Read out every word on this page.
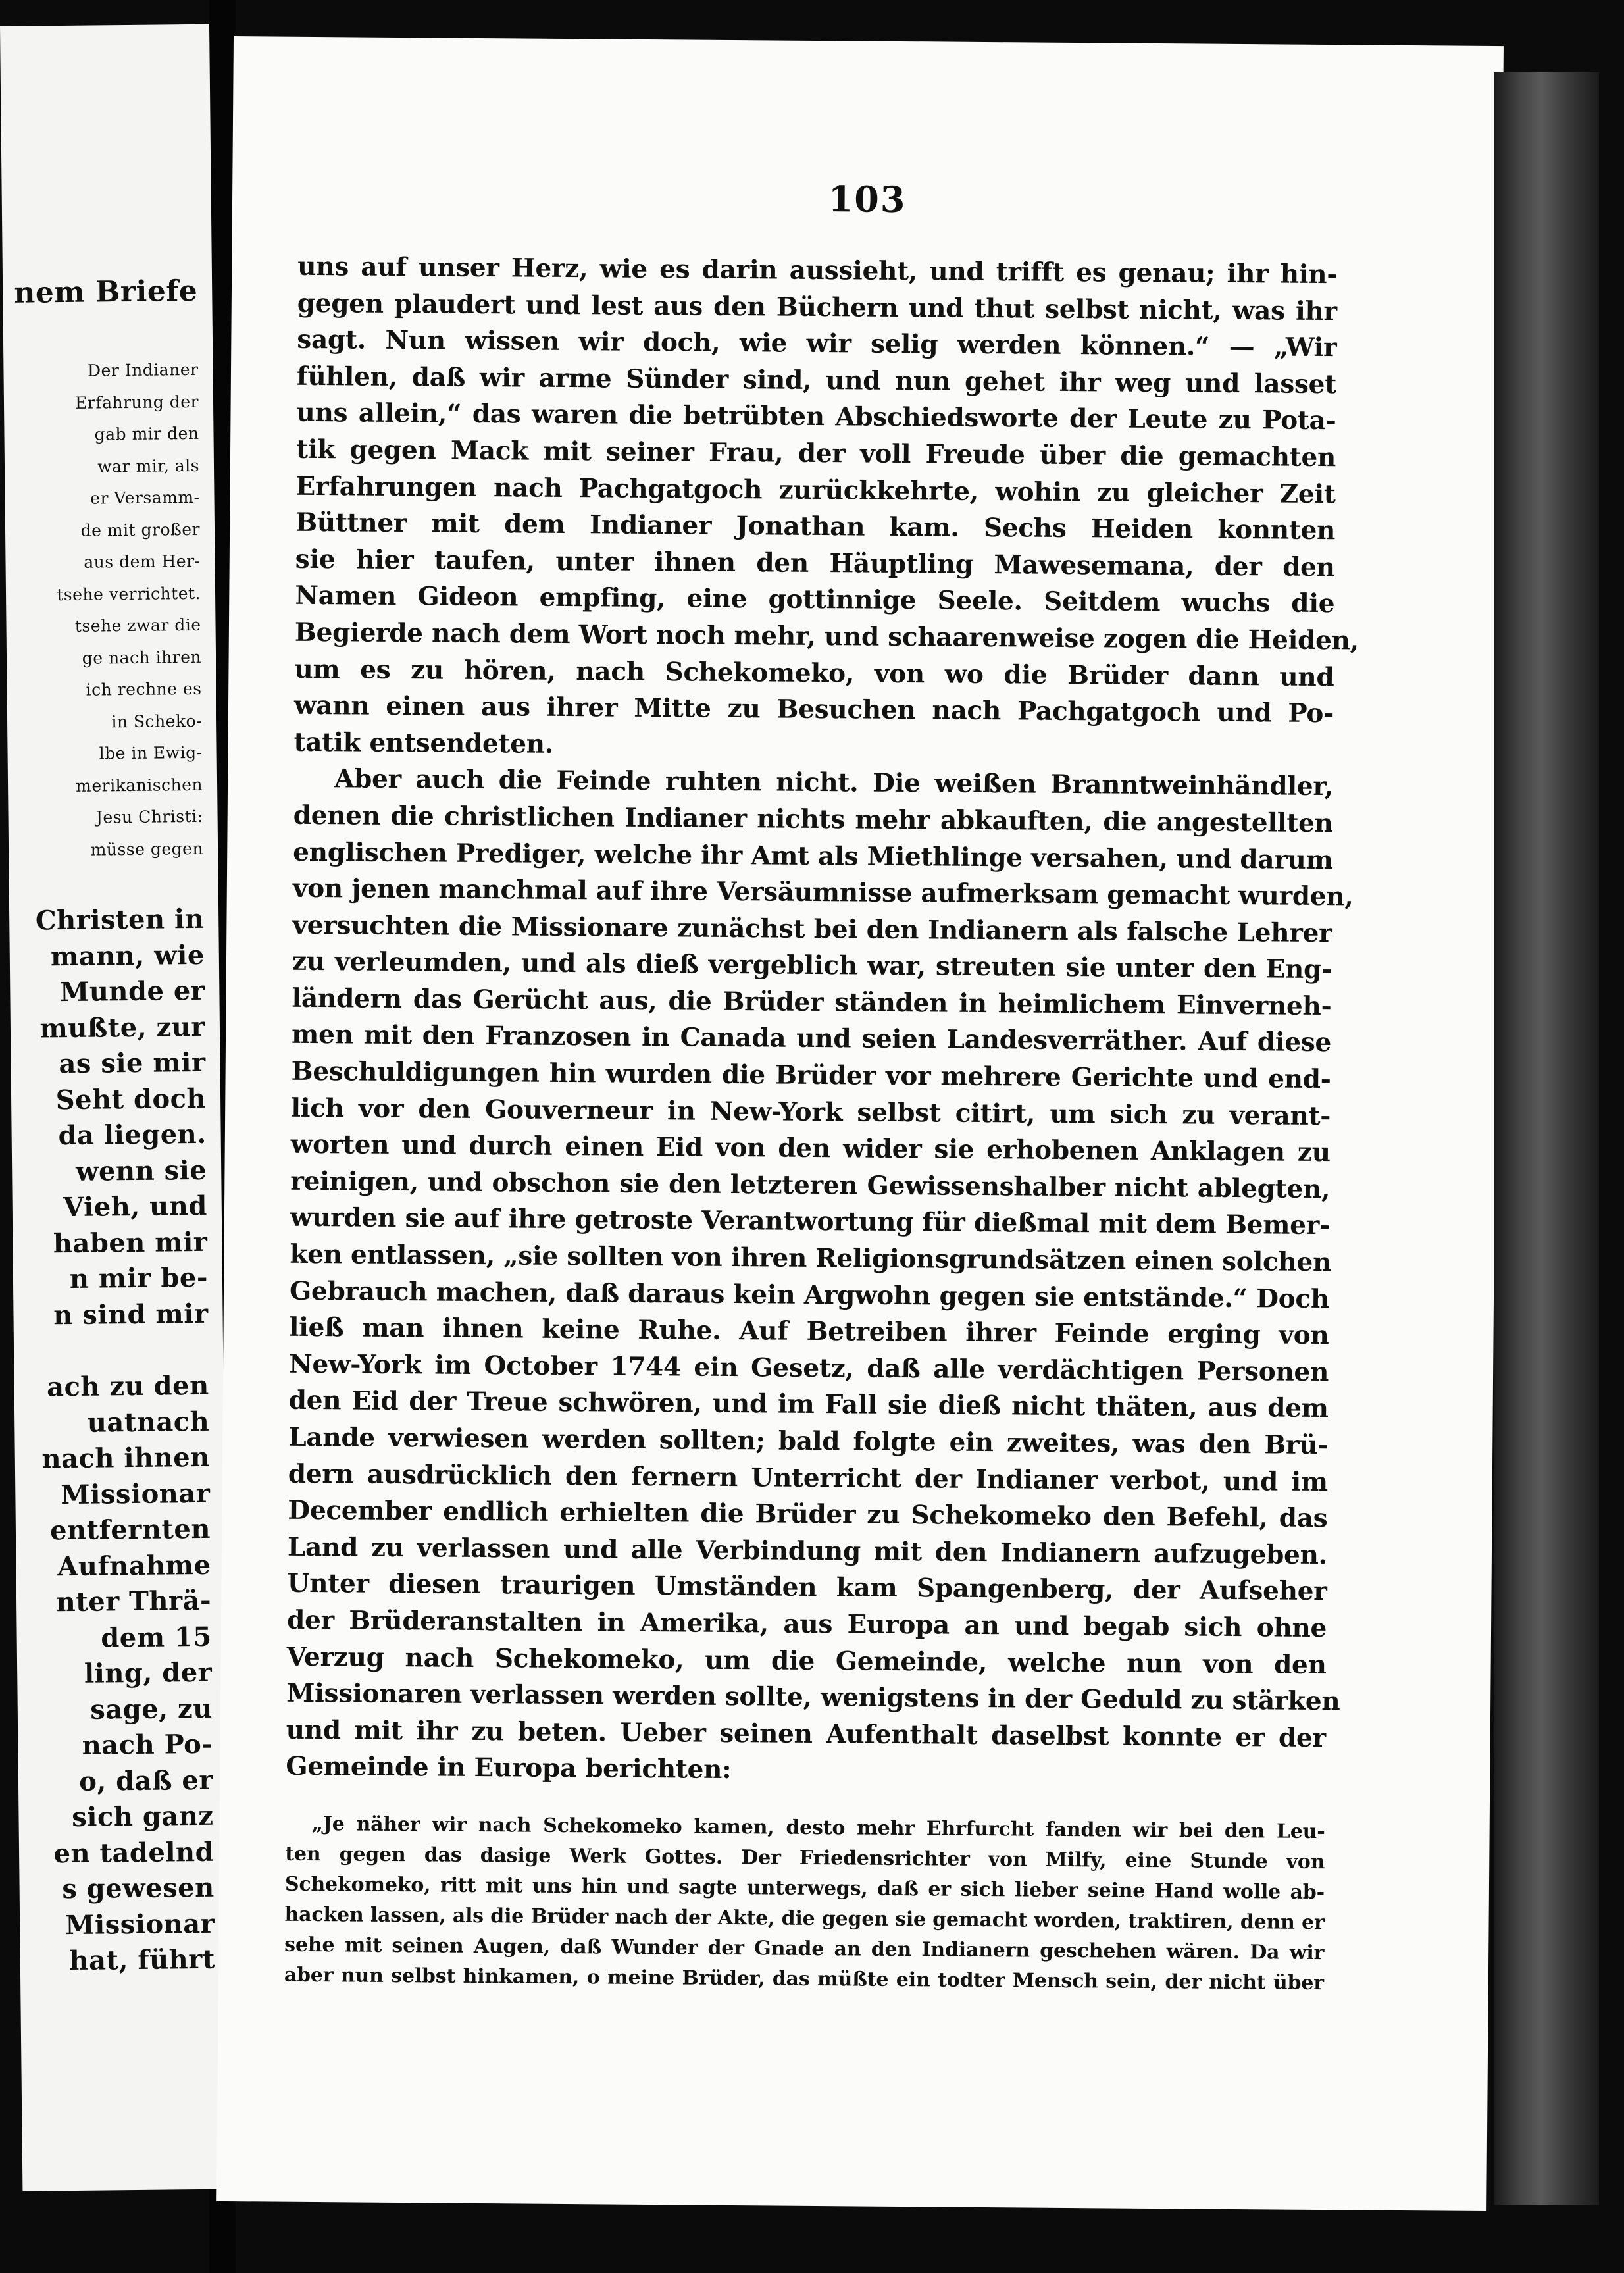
nem Briefe
Der Indianer
Erfahrung der
gab mir den
war mir, als
er Versamm-
de mit großer
aus dem Her-
tsehe verrichtet.
tsehe zwar die
ge nach ihren
ich rechne es
in Scheko-
lbe in Ewig-
merikanischen
Jesu Christi:
müsse gegen
Christen in
mann, wie
Munde er
mußte, zur
as sie mir
Seht doch
da liegen.
wenn sie
Vieh, und
haben mir
n mir be-
n sind mir
ach zu den
uatnach
nach ihnen
Missionar
entfernten
Aufnahme
nter Thrä-
dem 15
ling, der
sage, zu
nach Po-
o, daß er
sich ganz
en tadelnd
s gewesen
Missionar
hat, führt
103
uns auf unser Herz, wie es darin aussieht, und trifft es genau; ihr hin-
gegen plaudert und lest aus den Büchern und thut selbst nicht, was ihr
sagt. Nun wissen wir doch, wie wir selig werden können.“ — „Wir
fühlen, daß wir arme Sünder sind, und nun gehet ihr weg und lasset
uns allein,“ das waren die betrübten Abschiedsworte der Leute zu Pota-
tik gegen Mack mit seiner Frau, der voll Freude über die gemachten
Erfahrungen nach Pachgatgoch zurückkehrte, wohin zu gleicher Zeit
Büttner mit dem Indianer Jonathan kam. Sechs Heiden konnten
sie hier taufen, unter ihnen den Häuptling Mawesemana, der den
Namen Gideon empfing, eine gottinnige Seele. Seitdem wuchs die
Begierde nach dem Wort noch mehr, und schaarenweise zogen die Heiden,
um es zu hören, nach Schekomeko, von wo die Brüder dann und
wann einen aus ihrer Mitte zu Besuchen nach Pachgatgoch und Po-
tatik entsendeten.
Aber auch die Feinde ruhten nicht. Die weißen Branntweinhändler,
denen die christlichen Indianer nichts mehr abkauften, die angestellten
englischen Prediger, welche ihr Amt als Miethlinge versahen, und darum
von jenen manchmal auf ihre Versäumnisse aufmerksam gemacht wurden,
versuchten die Missionare zunächst bei den Indianern als falsche Lehrer
zu verleumden, und als dieß vergeblich war, streuten sie unter den Eng-
ländern das Gerücht aus, die Brüder ständen in heimlichem Einverneh-
men mit den Franzosen in Canada und seien Landesverräther. Auf diese
Beschuldigungen hin wurden die Brüder vor mehrere Gerichte und end-
lich vor den Gouverneur in New-York selbst citirt, um sich zu verant-
worten und durch einen Eid von den wider sie erhobenen Anklagen zu
reinigen, und obschon sie den letzteren Gewissenshalber nicht ablegten,
wurden sie auf ihre getroste Verantwortung für dießmal mit dem Bemer-
ken entlassen, „sie sollten von ihren Religionsgrundsätzen einen solchen
Gebrauch machen, daß daraus kein Argwohn gegen sie entstände.“ Doch
ließ man ihnen keine Ruhe. Auf Betreiben ihrer Feinde erging von
New-York im October 1744 ein Gesetz, daß alle verdächtigen Personen
den Eid der Treue schwören, und im Fall sie dieß nicht thäten, aus dem
Lande verwiesen werden sollten; bald folgte ein zweites, was den Brü-
dern ausdrücklich den fernern Unterricht der Indianer verbot, und im
December endlich erhielten die Brüder zu Schekomeko den Befehl, das
Land zu verlassen und alle Verbindung mit den Indianern aufzugeben.
Unter diesen traurigen Umständen kam Spangenberg, der Aufseher
der Brüderanstalten in Amerika, aus Europa an und begab sich ohne
Verzug nach Schekomeko, um die Gemeinde, welche nun von den
Missionaren verlassen werden sollte, wenigstens in der Geduld zu stärken
und mit ihr zu beten. Ueber seinen Aufenthalt daselbst konnte er der
Gemeinde in Europa berichten:
„Je näher wir nach Schekomeko kamen, desto mehr Ehrfurcht fanden wir bei den Leu-
ten gegen das dasige Werk Gottes. Der Friedensrichter von Milfy, eine Stunde von
Schekomeko, ritt mit uns hin und sagte unterwegs, daß er sich lieber seine Hand wolle ab-
hacken lassen, als die Brüder nach der Akte, die gegen sie gemacht worden, traktiren, denn er
sehe mit seinen Augen, daß Wunder der Gnade an den Indianern geschehen wären. Da wir
aber nun selbst hinkamen, o meine Brüder, das müßte ein todter Mensch sein, der nicht über
